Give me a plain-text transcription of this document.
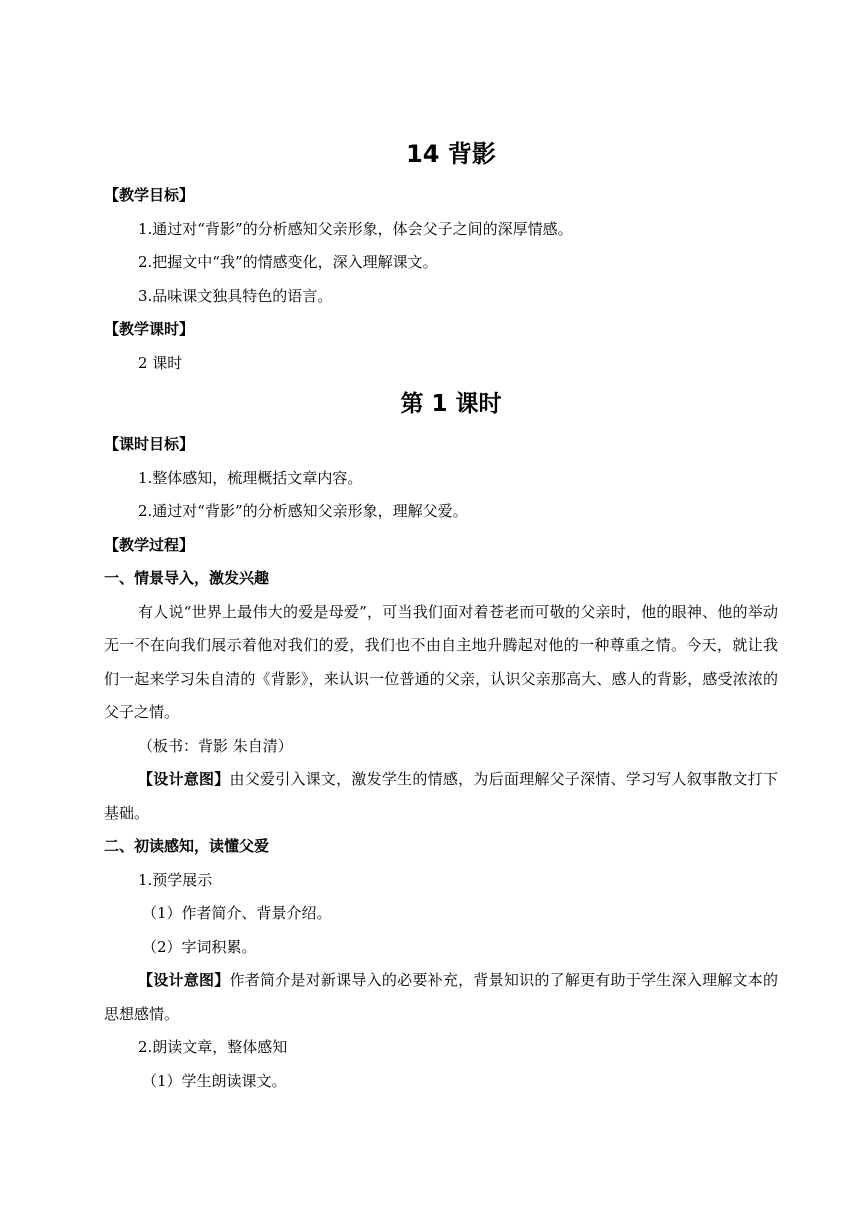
14 背影
【教学目标】
1.通过对“背影”的分析感知父亲形象，体会父子之间的深厚情感。
2.把握文中“我”的情感变化，深入理解课文。
3.品味课文独具特色的语言。
【教学课时】
2 课时
第 1 课时
【课时目标】
1.整体感知，梳理概括文章内容。
2.通过对“背影”的分析感知父亲形象，理解父爱。
【教学过程】
一、情景导入，激发兴趣

有人说“世界上最伟大的爱是母爱”，可当我们面对着苍老而可敬的父亲时，他的眼神、他的举动无一不在向我们展示着他对我们的爱，我们也不由自主地升腾起对他的一种尊重之情。今天，就让我们一起来学习朱自清的《背影》，来认识一位普通的父亲，认识父亲那高大、感人的背影，感受浓浓的父子之情。

（板书：背影 朱自清）

【设计意图】由父爱引入课文，激发学生的情感，为后面理解父子深情、学习写人叙事散文打下基础。

二、初读感知，读懂父爱
1.预学展示
（1）作者简介、背景介绍。
（2）字词积累。

【设计意图】作者简介是对新课导入的必要补充，背景知识的了解更有助于学生深入理解文本的思想感情。

2.朗读文章，整体感知
（1）学生朗读课文。
